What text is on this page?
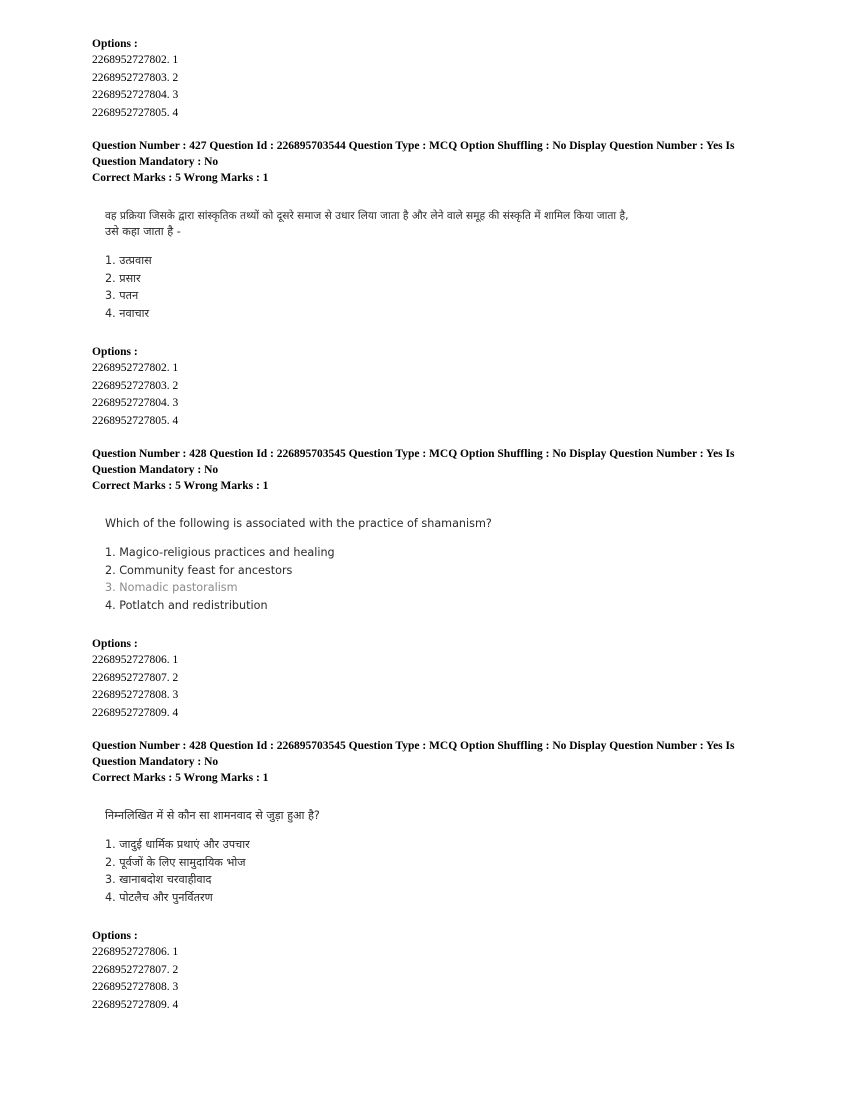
Options :
2268952727802. 1
2268952727803. 2
2268952727804. 3
2268952727805. 4
Question Number : 427 Question Id : 226895703544 Question Type : MCQ Option Shuffling : No Display Question Number : Yes Is
Question Mandatory : No
Correct Marks : 5 Wrong Marks : 1
वह प्रक्रिया जिसके द्वारा सांस्कृतिक तथ्यों को दूसरे समाज से उधार लिया जाता है और लेने वाले समूह की संस्कृति में शामिल किया जाता है,
उसे कहा जाता है -
1. उत्प्रवास
2. प्रसार
3. पतन
4. नवाचार
Options :
2268952727802. 1
2268952727803. 2
2268952727804. 3
2268952727805. 4
Question Number : 428 Question Id : 226895703545 Question Type : MCQ Option Shuffling : No Display Question Number : Yes Is
Question Mandatory : No
Correct Marks : 5 Wrong Marks : 1
Which of the following is associated with the practice of shamanism?
1. Magico-religious practices and healing
2. Community feast for ancestors
3. Nomadic pastoralism
4. Potlatch and redistribution
Options :
2268952727806. 1
2268952727807. 2
2268952727808. 3
2268952727809. 4
Question Number : 428 Question Id : 226895703545 Question Type : MCQ Option Shuffling : No Display Question Number : Yes Is
Question Mandatory : No
Correct Marks : 5 Wrong Marks : 1
निम्नलिखित में से कौन सा शामनवाद से जुड़ा हुआ है?
1. जादुई धार्मिक प्रथाएं और उपचार
2. पूर्वजों के लिए सामुदायिक भोज
3. खानाबदोश चरवाहीवाद
4. पोटलैच और पुनर्वितरण
Options :
2268952727806. 1
2268952727807. 2
2268952727808. 3
2268952727809. 4
